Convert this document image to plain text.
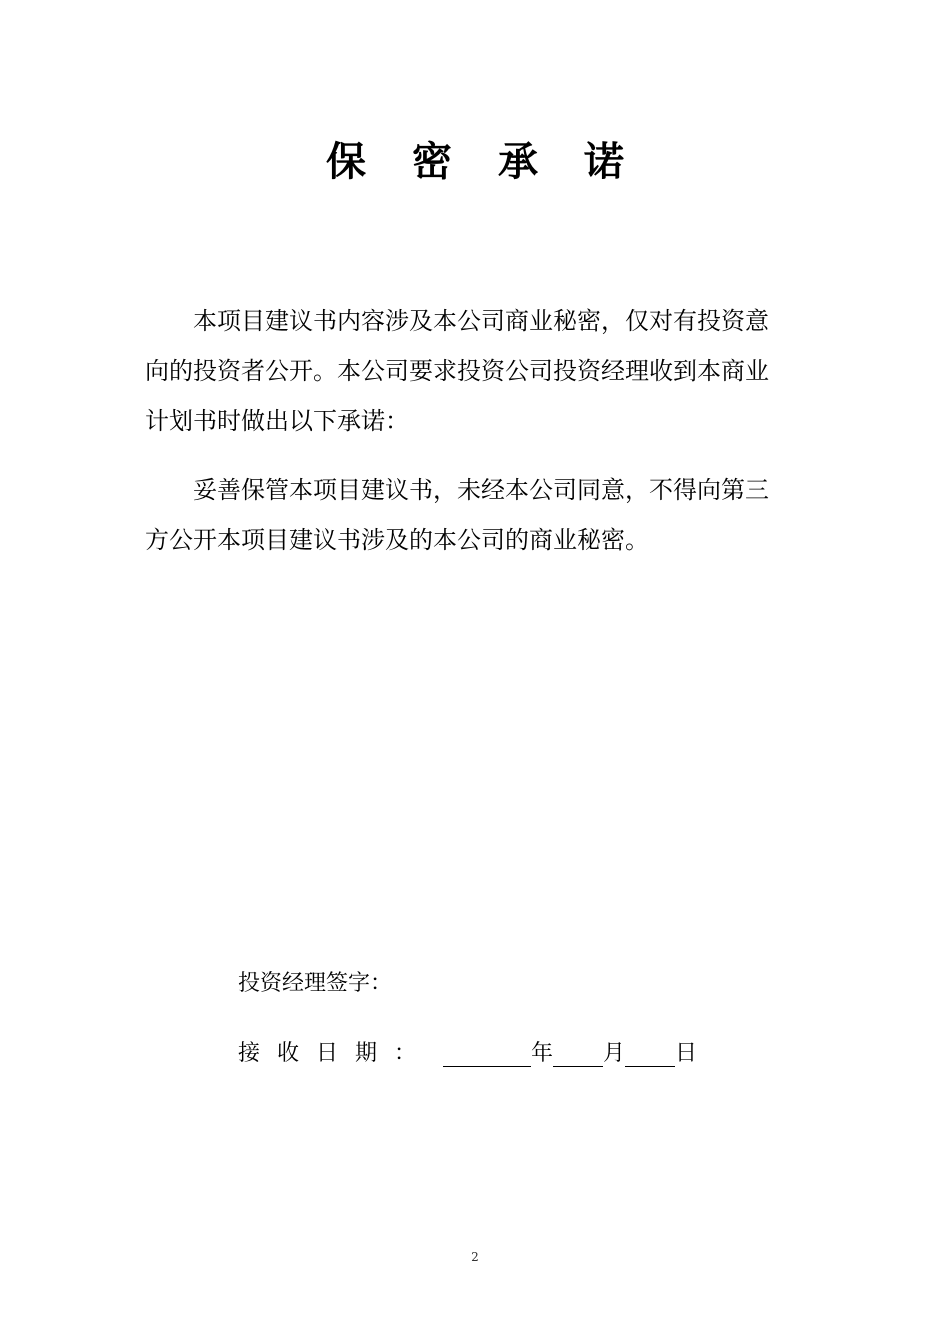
保密承诺
本项目建议书内容涉及本公司商业秘密，仅对有投资意
向的投资者公开。本公司要求投资公司投资经理收到本商业
计划书时做出以下承诺：
妥善保管本项目建议书，未经本公司同意，不得向第三
方公开本项目建议书涉及的本公司的商业秘密。
投资经理签字：
接收日期：	年 月 日
2
